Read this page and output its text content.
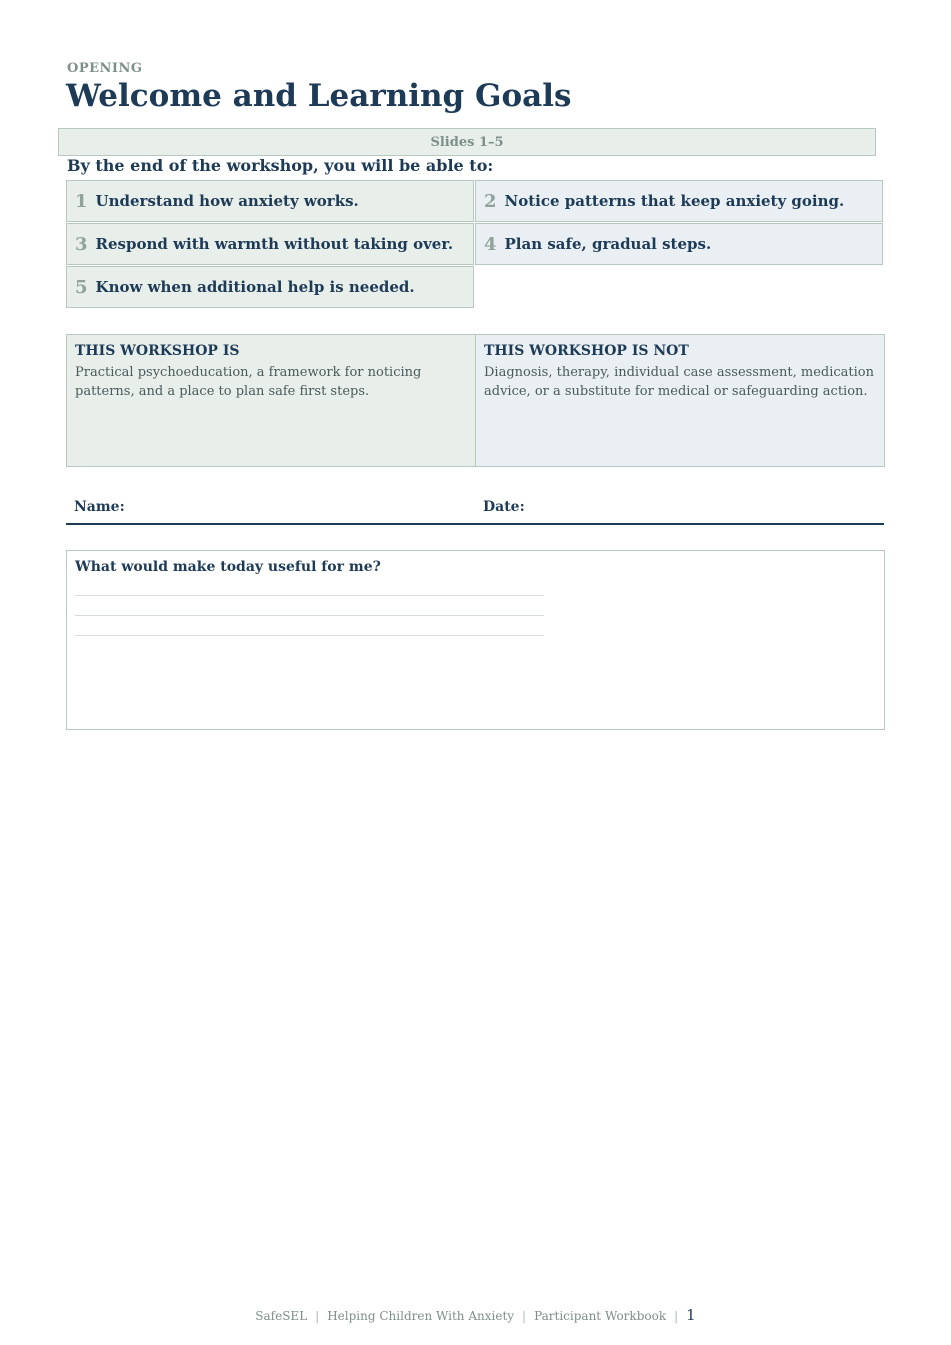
OPENING
Welcome and Learning Goals
Slides 1–5
By the end of the workshop, you will be able to:
1 Understand how anxiety works.	2 Notice patterns that keep anxiety going.
3 Respond with warmth without taking over. 4 Plan safe, gradual steps.
5 Know when additional help is needed.
THIS WORKSHOP IS
Practical psychoeducation, a framework for noticing patterns, and a place to plan safe first steps.
THIS WORKSHOP IS NOT
Diagnosis, therapy, individual case assessment, medication advice, or a substitute for medical or safeguarding action.
Name:	Date:
What would make today useful for me?
SafeSEL | Helping Children With Anxiety | Participant Workbook | 1
